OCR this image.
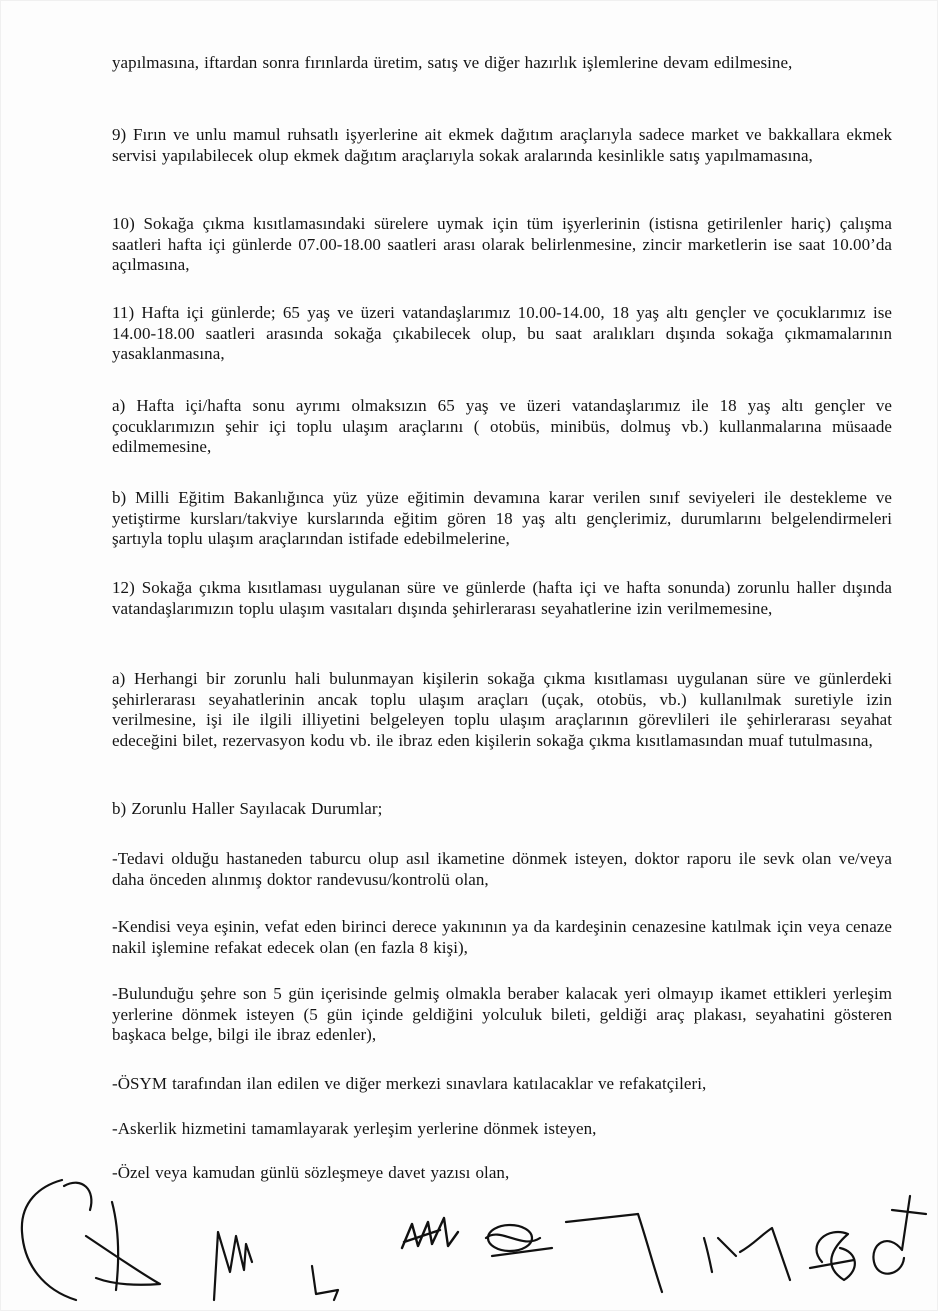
yapılmasına, iftardan sonra fırınlarda üretim, satış ve diğer hazırlık işlemlerine devam edilmesine,

9) Fırın ve unlu mamul ruhsatlı işyerlerine ait ekmek dağıtım araçlarıyla sadece market ve bakkallara ekmek servisi yapılabilecek olup ekmek dağıtım araçlarıyla sokak aralarında kesinlikle satış yapılmamasına,

10) Sokağa çıkma kısıtlamasındaki sürelere uymak için tüm işyerlerinin (istisna getirilenler hariç) çalışma saatleri hafta içi günlerde 07.00-18.00 saatleri arası olarak belirlenmesine, zincir marketlerin ise saat 10.00’da açılmasına,

11) Hafta içi günlerde; 65 yaş ve üzeri vatandaşlarımız 10.00-14.00, 18 yaş altı gençler ve çocuklarımız ise 14.00-18.00 saatleri arasında sokağa çıkabilecek olup, bu saat aralıkları dışında sokağa çıkmamalarının yasaklanmasına,

a) Hafta içi/hafta sonu ayrımı olmaksızın 65 yaş ve üzeri vatandaşlarımız ile 18 yaş altı gençler ve çocuklarımızın şehir içi toplu ulaşım araçlarını ( otobüs, minibüs, dolmuş vb.) kullanmalarına müsaade edilmemesine,

b) Milli Eğitim Bakanlığınca yüz yüze eğitimin devamına karar verilen sınıf seviyeleri ile destekleme ve yetiştirme kursları/takviye kurslarında eğitim gören 18 yaş altı gençlerimiz, durumlarını belgelendirmeleri şartıyla toplu ulaşım araçlarından istifade edebilmelerine,

12) Sokağa çıkma kısıtlaması uygulanan süre ve günlerde (hafta içi ve hafta sonunda) zorunlu haller dışında vatandaşlarımızın toplu ulaşım vasıtaları dışında şehirlerarası seyahatlerine izin verilmemesine,

a) Herhangi bir zorunlu hali bulunmayan kişilerin sokağa çıkma kısıtlaması uygulanan süre ve günlerdeki şehirlerarası seyahatlerinin ancak toplu ulaşım araçları (uçak, otobüs, vb.) kullanılmak suretiyle izin verilmesine, işi ile ilgili illiyetini belgeleyen toplu ulaşım araçlarının görevlileri ile şehirlerarası seyahat edeceğini bilet, rezervasyon kodu vb. ile ibraz eden kişilerin sokağa çıkma kısıtlamasından muaf tutulmasına,

b) Zorunlu Haller Sayılacak Durumlar;

-Tedavi olduğu hastaneden taburcu olup asıl ikametine dönmek isteyen, doktor raporu ile sevk olan ve/veya daha önceden alınmış doktor randevusu/kontrolü olan,

-Kendisi veya eşinin, vefat eden birinci derece yakınının ya da kardeşinin cenazesine katılmak için veya cenaze nakil işlemine refakat edecek olan (en fazla 8 kişi),

-Bulunduğu şehre son 5 gün içerisinde gelmiş olmakla beraber kalacak yeri olmayıp ikamet ettikleri yerleşim yerlerine dönmek isteyen (5 gün içinde geldiğini yolculuk bileti, geldiği araç plakası, seyahatini gösteren başkaca belge, bilgi ile ibraz edenler),

-ÖSYM tarafından ilan edilen ve diğer merkezi sınavlara katılacaklar ve refakatçileri,

-Askerlik hizmetini tamamlayarak yerleşim yerlerine dönmek isteyen,

-Özel veya kamudan günlü sözleşmeye davet yazısı olan,
